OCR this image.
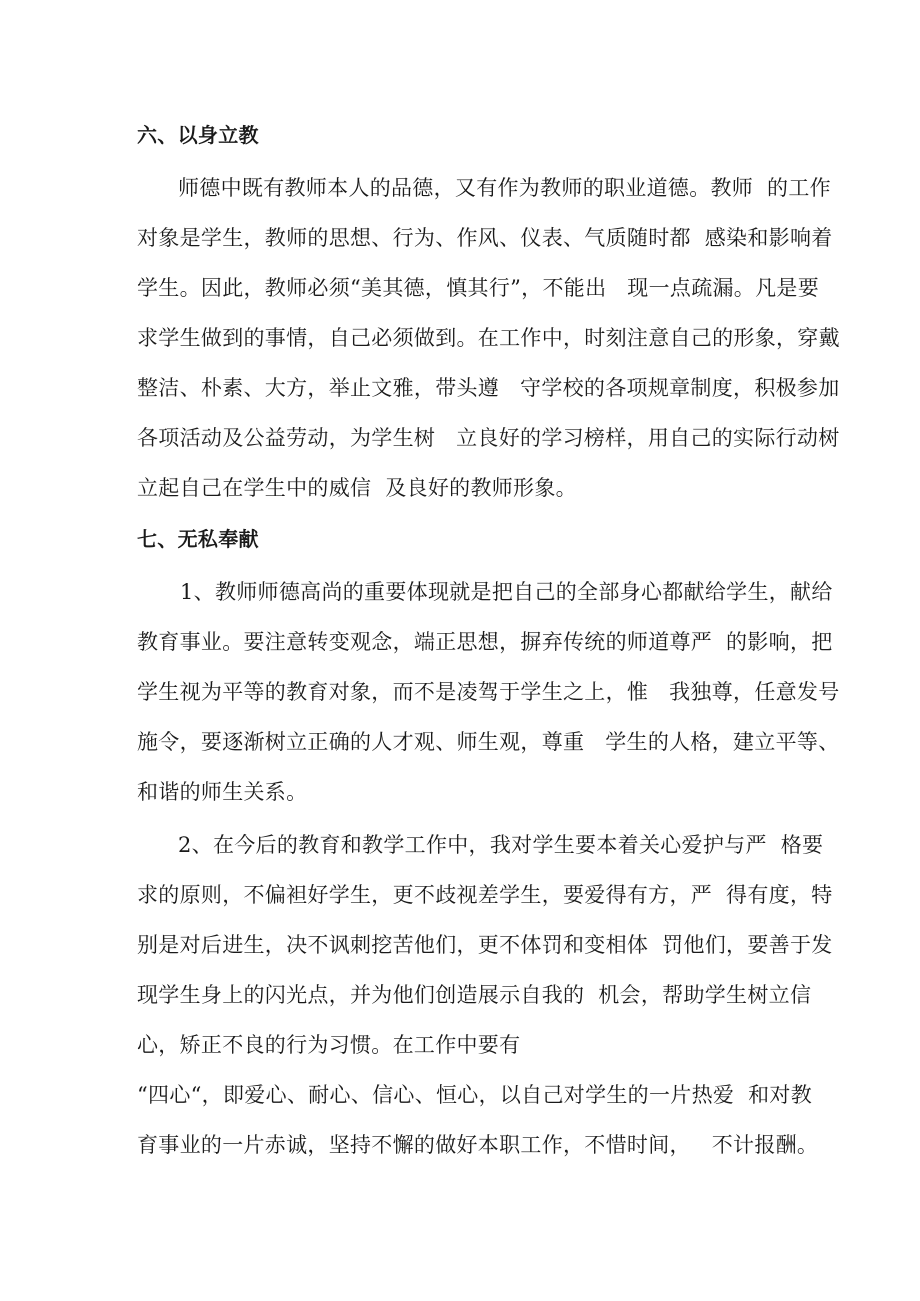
六、以身立教
师德中既有教师本人的品德，又有作为教师的职业道德。教师  的工作
对象是学生，教师的思想、行为、作风、仪表、气质随时都  感染和影响着
学生。因此，教师必须“美其德，慎其行”，不能出   现一点疏漏。凡是要
求学生做到的事情，自己必须做到。在工作中，时刻注意自己的形象，穿戴
整洁、朴素、大方，举止文雅，带头遵   守学校的各项规章制度，积极参加
各项活动及公益劳动，为学生树   立良好的学习榜样，用自己的实际行动树
立起自己在学生中的威信  及良好的教师形象。
七、无私奉献
1、教师师德高尚的重要体现就是把自己的全部身心都献给学生，献给
教育事业。要注意转变观念，端正思想，摒弃传统的师道尊严  的影响，把
学生视为平等的教育对象，而不是凌驾于学生之上，惟   我独尊，任意发号
施令，要逐渐树立正确的人才观、师生观，尊重   学生的人格，建立平等、
和谐的师生关系。
2、在今后的教育和教学工作中，我对学生要本着关心爱护与严  格要
求的原则，不偏袒好学生，更不歧视差学生，要爱得有方，严  得有度，特
别是对后进生，决不讽刺挖苦他们，更不体罚和变相体  罚他们，要善于发
现学生身上的闪光点，并为他们创造展示自我的  机会，帮助学生树立信
心，矫正不良的行为习惯。在工作中要有
“四心“，即爱心、耐心、信心、恒心，以自己对学生的一片热爱  和对教
育事业的一片赤诚，坚持不懈的做好本职工作，不惜时间，   不计报酬。
